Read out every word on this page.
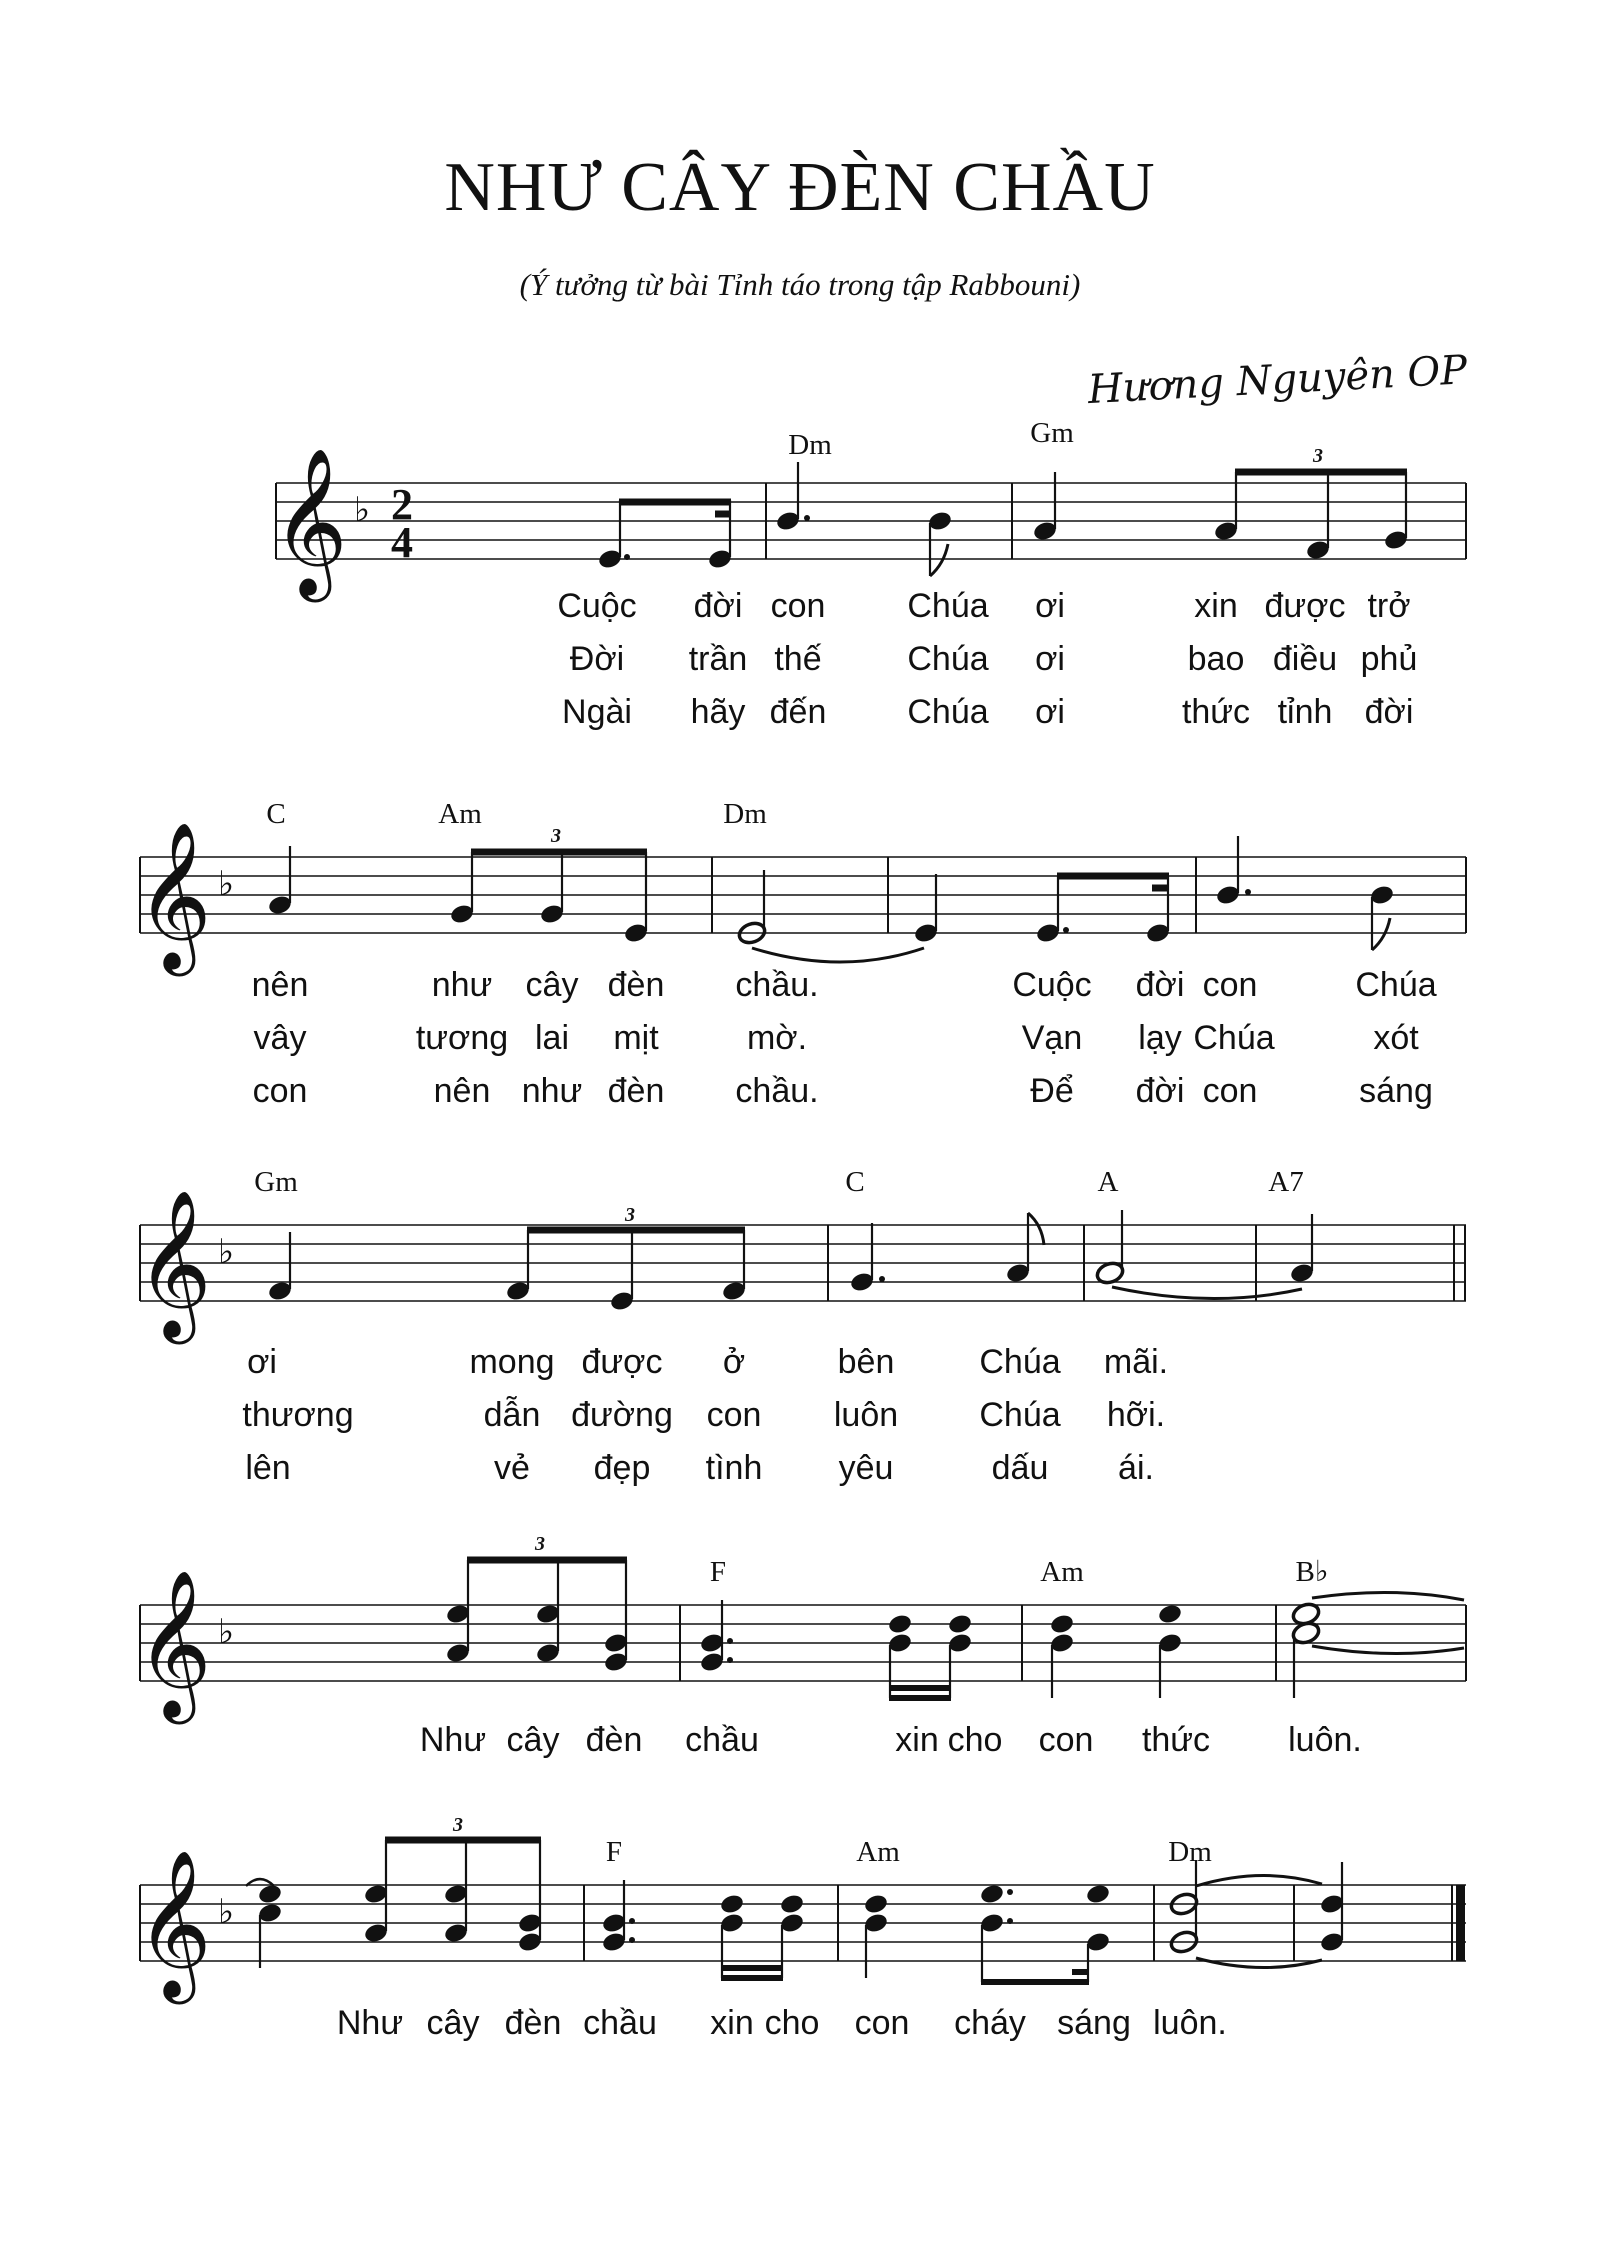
NHƯ CÂY ĐÈN CHẦU
(Ý tưởng từ bài Tỉnh táo trong tập Rabbouni)
Hương Nguyên OP
𝄞 ♭ 2
4
3
Dm	Gm
Cuộc đời con Chúa ơi	xin được trở
Đời trần thế	Chúa ơi	bao điều phủ
Ngài hãy đến Chúa ơi	thức tỉnh đời
𝄞 ♭
3
C	Am	Dm
nên	như cây đèn chầu.	Cuộc đời con	Chúa
vây	tương lai mịt	mờ.	Vạn lạy Chúa	xót
con	nên như đèn chầu.	Để đời con	sáng
𝄞 ♭
3
Gm	C	A	A7
ơi	mong được ở	bên Chúa mãi.
thương	dẫn đường con luôn Chúa hỡi.
lên	vẻ đẹp tình yêu	dấu ái.
𝄞 ♭
3
F	Am	B♭
Như cây đèn chầu	xin cho con thức luôn.
𝄞 ♭
3
F	Am	Dm
Như cây đèn chầu xin cho con cháy sáng luôn.
